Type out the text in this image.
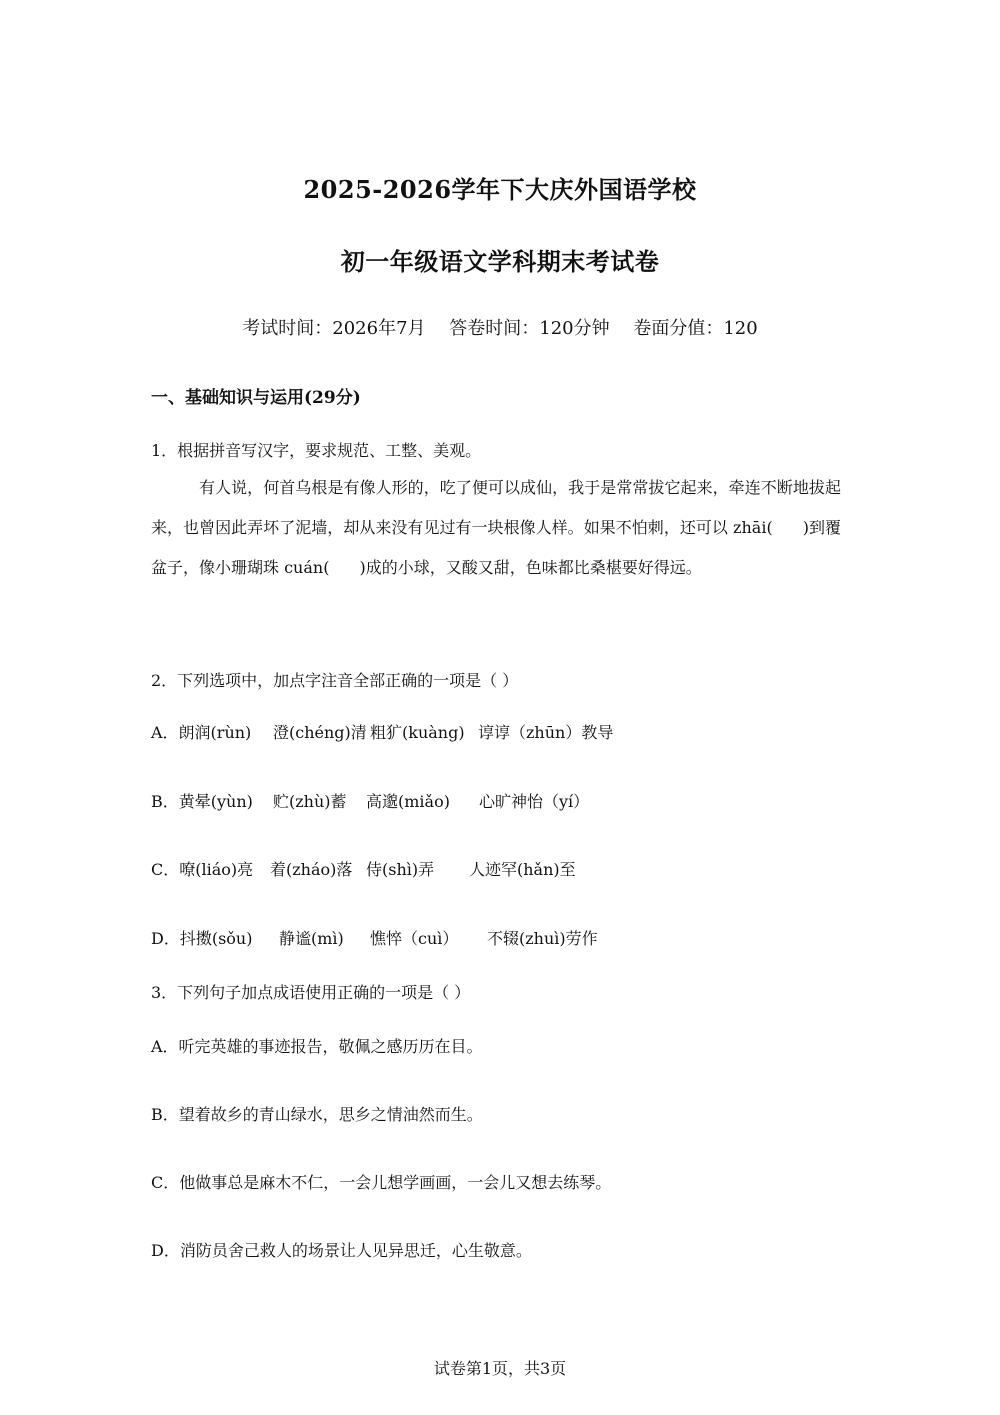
2025-2026学年下大庆外国语学校
初一年级语文学科期末考试卷
考试时间：2026年7月 答卷时间：120分钟 卷面分值：120
一、基础知识与运用(29分)
1．根据拼音写汉字，要求规范、工整、美观。
有人说，何首乌根是有像人形的，吃了便可以成仙，我于是常常拔它起来，牵连不断地拔起来，也曾因此弄坏了泥墙，却从来没有见过有一块根像人样。如果不怕刺，还可以 zhāi( )到覆盆子，像小珊瑚珠 cuán( )成的小球，又酸又甜，色味都比桑椹要好得远。
2．下列选项中，加点字注音全部正确的一项是（ ）
A．朗润(rùn) 澄(chéng)清 粗犷(kuàng) 谆谆（zhūn）教导
B．黄晕(yùn) 贮(zhù)蓄 高邈(miǎo) 心旷神怡（yí）
C．嘹(liáo)亮 着(zháo)落 侍(shì)弄 人迹罕(hǎn)至
D．抖擞(sǒu) 静谧(mì) 憔悴（cuì） 不辍(zhuì)劳作
3．下列句子加点成语使用正确的一项是（ ）
A．听完英雄的事迹报告，敬佩之感历历在目。
B．望着故乡的青山绿水，思乡之情油然而生。
C．他做事总是麻木不仁，一会儿想学画画，一会儿又想去练琴。
D．消防员舍己救人的场景让人见异思迁，心生敬意。
试卷第1页，共3页
